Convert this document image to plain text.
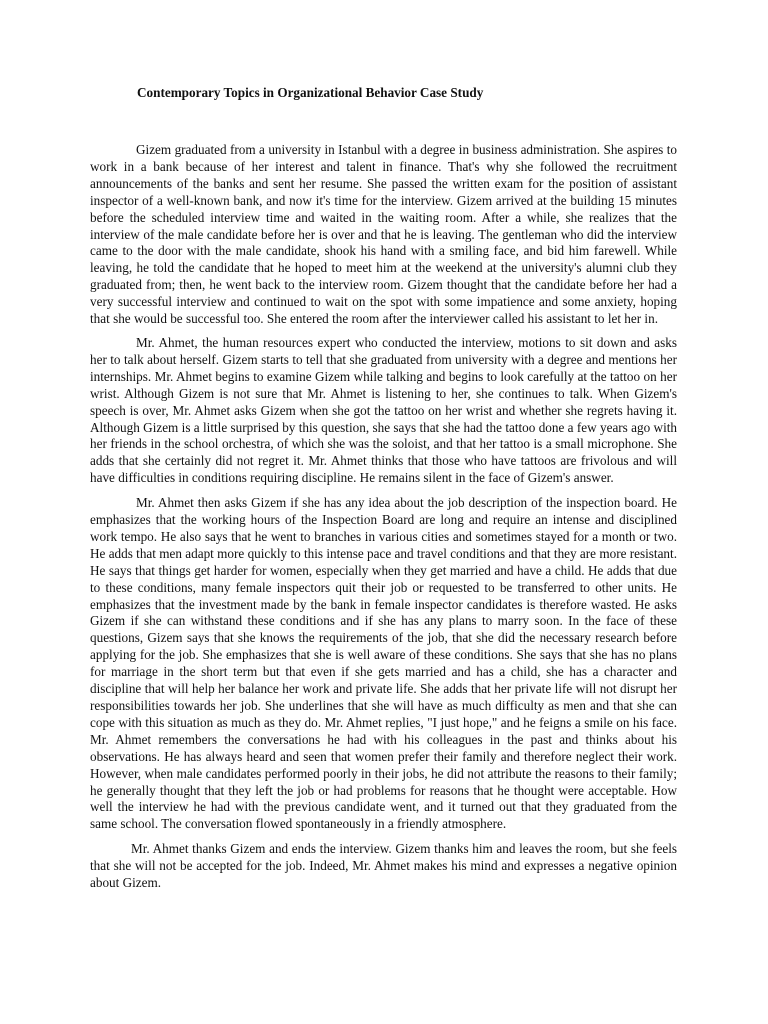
Contemporary Topics in Organizational Behavior Case Study

Gizem graduated from a university in Istanbul with a degree in business administration. She aspires to work in a bank because of her interest and talent in finance. That's why she followed the recruitment announcements of the banks and sent her resume. She passed the written exam for the position of assistant inspector of a well-known bank, and now it's time for the interview. Gizem arrived at the building 15 minutes before the scheduled interview time and waited in the waiting room. After a while, she realizes that the interview of the male candidate before her is over and that he is leaving. The gentleman who did the interview came to the door with the male candidate, shook his hand with a smiling face, and bid him farewell. While leaving, he told the candidate that he hoped to meet him at the weekend at the university's alumni club they graduated from; then, he went back to the interview room. Gizem thought that the candidate before her had a very successful interview and continued to wait on the spot with some impatience and some anxiety, hoping that she would be successful too. She entered the room after the interviewer called his assistant to let her in.

Mr. Ahmet, the human resources expert who conducted the interview, motions to sit down and asks her to talk about herself. Gizem starts to tell that she graduated from university with a degree and mentions her internships. Mr. Ahmet begins to examine Gizem while talking and begins to look carefully at the tattoo on her wrist. Although Gizem is not sure that Mr. Ahmet is listening to her, she continues to talk. When Gizem's speech is over, Mr. Ahmet asks Gizem when she got the tattoo on her wrist and whether she regrets having it. Although Gizem is a little surprised by this question, she says that she had the tattoo done a few years ago with her friends in the school orchestra, of which she was the soloist, and that her tattoo is a small microphone. She adds that she certainly did not regret it. Mr. Ahmet thinks that those who have tattoos are frivolous and will have difficulties in conditions requiring discipline. He remains silent in the face of Gizem's answer.

Mr. Ahmet then asks Gizem if she has any idea about the job description of the inspection board. He emphasizes that the working hours of the Inspection Board are long and require an intense and disciplined work tempo. He also says that he went to branches in various cities and sometimes stayed for a month or two. He adds that men adapt more quickly to this intense pace and travel conditions and that they are more resistant. He says that things get harder for women, especially when they get married and have a child. He adds that due to these conditions, many female inspectors quit their job or requested to be transferred to other units. He emphasizes that the investment made by the bank in female inspector candidates is therefore wasted. He asks Gizem if she can withstand these conditions and if she has any plans to marry soon. In the face of these questions, Gizem says that she knows the requirements of the job, that she did the necessary research before applying for the job. She emphasizes that she is well aware of these conditions. She says that she has no plans for marriage in the short term but that even if she gets married and has a child, she has a character and discipline that will help her balance her work and private life. She adds that her private life will not disrupt her responsibilities towards her job. She underlines that she will have as much difficulty as men and that she can cope with this situation as much as they do. Mr. Ahmet replies, "I just hope," and he feigns a smile on his face. Mr. Ahmet remembers the conversations he had with his colleagues in the past and thinks about his observations. He has always heard and seen that women prefer their family and therefore neglect their work. However, when male candidates performed poorly in their jobs, he did not attribute the reasons to their family; he generally thought that they left the job or had problems for reasons that he thought were acceptable. How well the interview he had with the previous candidate went, and it turned out that they graduated from the same school. The conversation flowed spontaneously in a friendly atmosphere.

Mr. Ahmet thanks Gizem and ends the interview. Gizem thanks him and leaves the room, but she feels that she will not be accepted for the job. Indeed, Mr. Ahmet makes his mind and expresses a negative opinion about Gizem.
